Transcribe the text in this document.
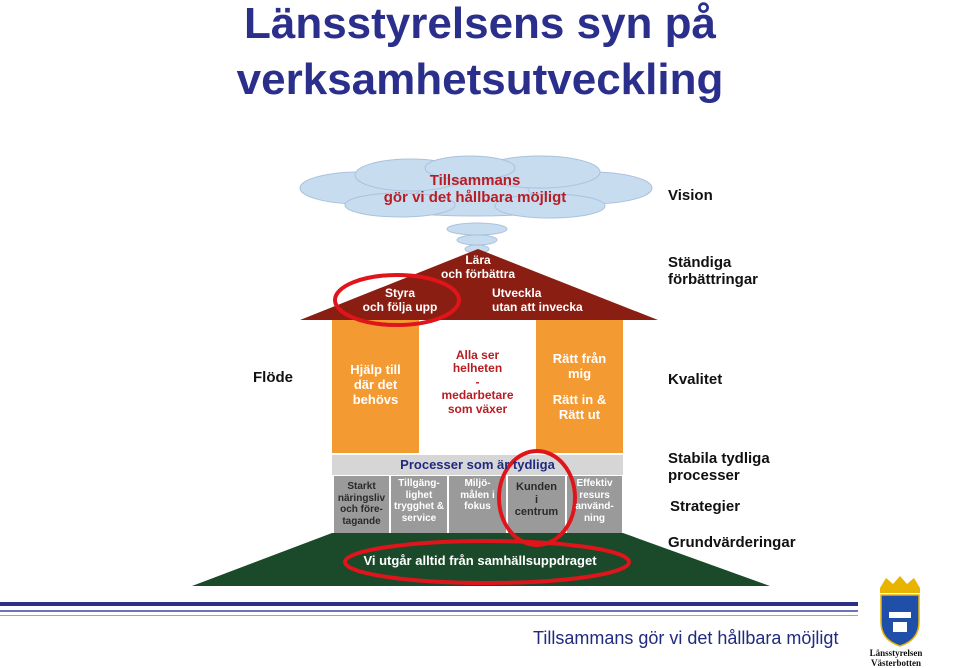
Länsstyrelsens syn på
verksamhetsutveckling
Tillsammans
gör vi det hållbara möjligt
Lära
och förbättra
Styra
och följa upp
Utveckla
utan att invecka
Hjälp till
där det
behövs
Alla ser
helheten
-
medarbetare
som växer
Rätt från
mig
Rätt in &
Rätt ut
Processer som är tydliga
Starkt
näringsliv
och före-
tagande
Tillgäng-
lighet
trygghet &
service
Miljö-
målen i
fokus
Kunden
i
centrum
Effektiv
resurs
använd-
ning
Vi utgår alltid från samhällsuppdraget
Flöde
Vision
Ständiga
förbättringar
Kvalitet
Stabila tydliga
processer
Strategier
Grundvärderingar
Tillsammans gör vi det hållbara möjligt
Länsstyrelsen
Västerbotten
